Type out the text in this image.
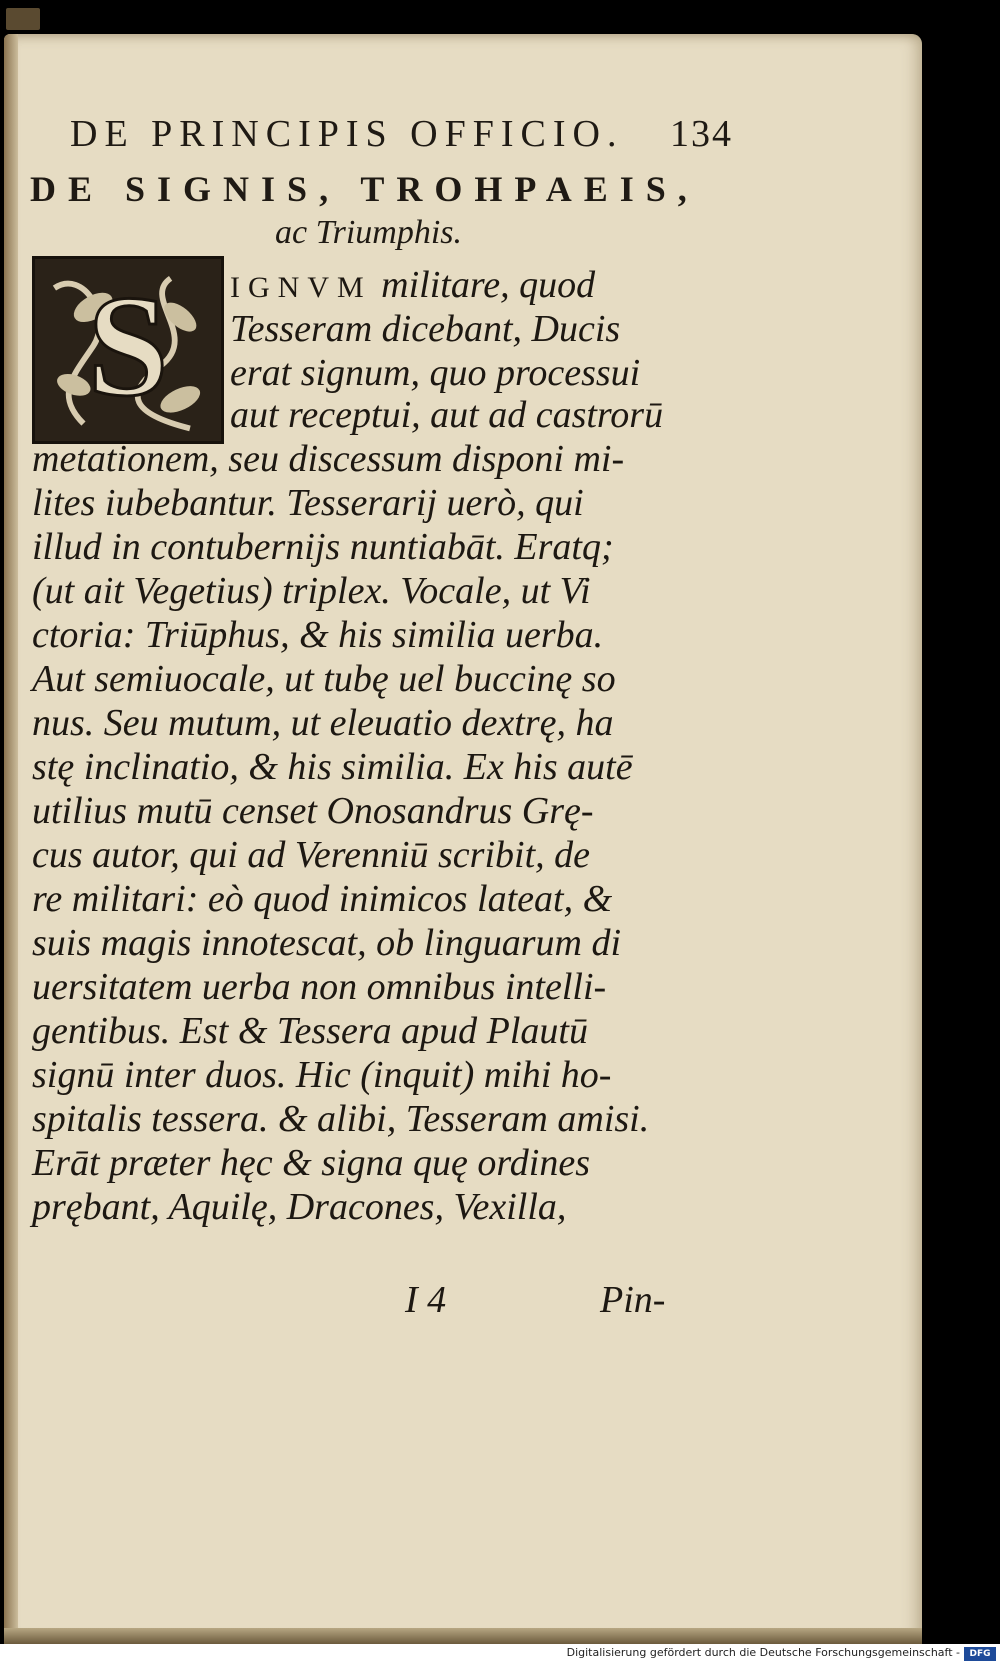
DE PRINCIPIS OFFICIO. 134
DE SIGNIS, TROHPAEIS,
ac Triumphis.
S IGNVM militare, quod
Tesseram dicebant, Ducis
erat signum, quo processui
aut receptui, aut ad castrorū
metationem, seu discessum disponi mi-
lites iubebantur. Tesserarij uerò, qui
illud in contubernijs nuntiabāt. Eratq;
(ut ait Vegetius) triplex. Vocale, ut Vi
ctoria: Triūphus, & his similia uerba.
Aut semiuocale, ut tubę uel buccinę so
nus. Seu mutum, ut eleuatio dextrę, ha
stę inclinatio, & his similia. Ex his autē
utilius mutū censet Onosandrus Grę-
cus autor, qui ad Verenniū scribit, de
re militari: eò quod inimicos lateat, &
suis magis innotescat, ob linguarum di
uersitatem uerba non omnibus intelli-
gentibus. Est & Tessera apud Plautū
signū inter duos. Hic (inquit) mihi ho-
spitalis tessera. & alibi, Tesseram amisi.
Erāt præter hęc & signa quę ordines
prębant, Aquilę, Dracones, Vexilla,
I 4	Pin-
Digitalisierung gefördert durch die Deutsche Forschungsgemeinschaft -	DFG
